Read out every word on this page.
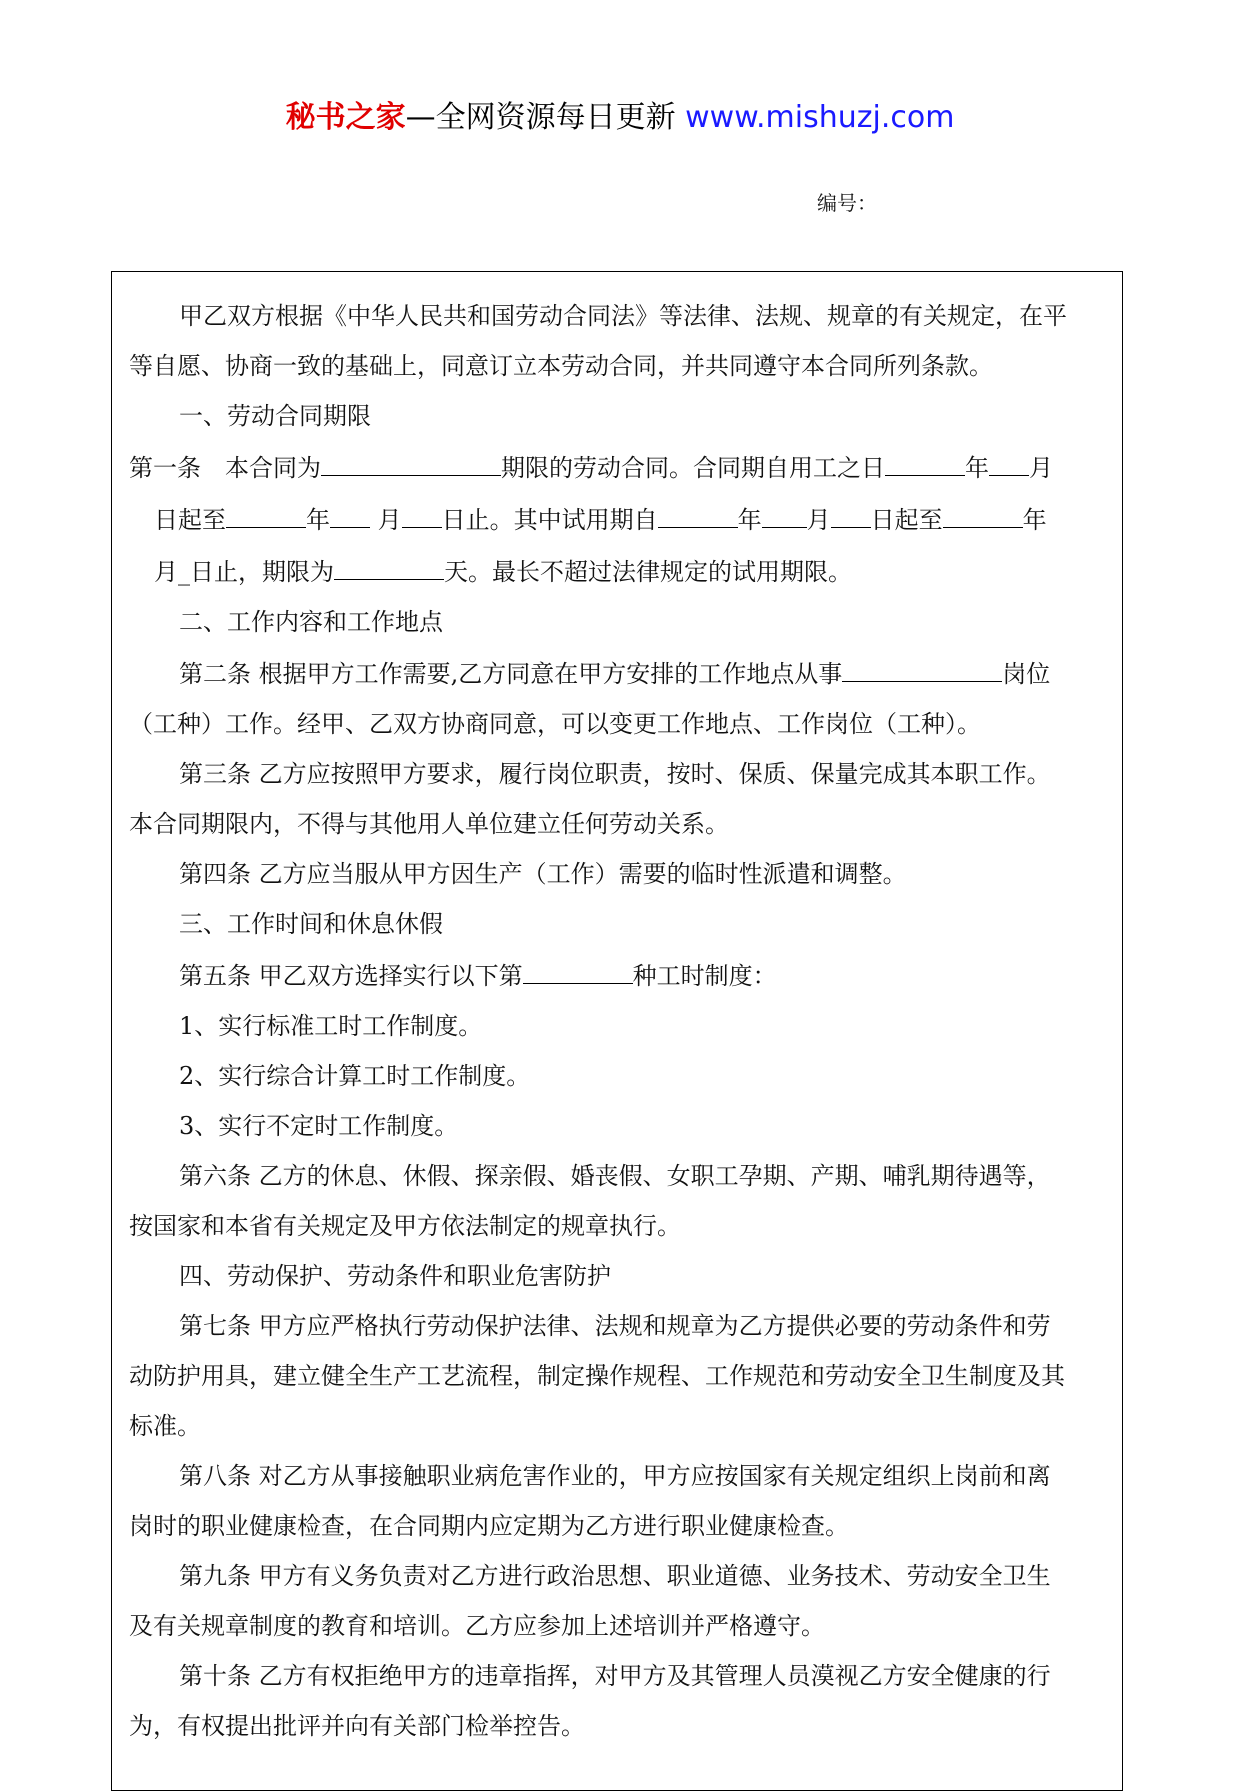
秘书之家—全网资源每日更新 www.mishuzj.com
编号：

甲乙双方根据《中华人民共和国劳动合同法》等法律、法规、规章的有关规定，在平

等自愿、协商一致的基础上，同意订立本劳动合同，并共同遵守本合同所列条款。

一、劳动合同期限

第一条　本合同为	期限的劳动合同。合同期自用工之日	年 月

日起至	年 月 日止。其中试用期自	年 月 日起至	年

月_日止，期限为	天。最长不超过法律规定的试用期限。

二、工作内容和工作地点

第二条 根据甲方工作需要,乙方同意在甲方安排的工作地点从事	岗位

（工种）工作。经甲、乙双方协商同意，可以变更工作地点、工作岗位（工种）。

第三条 乙方应按照甲方要求，履行岗位职责，按时、保质、保量完成其本职工作。

本合同期限内，不得与其他用人单位建立任何劳动关系。

第四条 乙方应当服从甲方因生产（工作）需要的临时性派遣和调整。

三、工作时间和休息休假

第五条 甲乙双方选择实行以下第	种工时制度：

1、实行标准工时工作制度。

2、实行综合计算工时工作制度。

3、实行不定时工作制度。

第六条 乙方的休息、休假、探亲假、婚丧假、女职工孕期、产期、哺乳期待遇等，

按国家和本省有关规定及甲方依法制定的规章执行。

四、劳动保护、劳动条件和职业危害防护

第七条 甲方应严格执行劳动保护法律、法规和规章为乙方提供必要的劳动条件和劳

动防护用具，建立健全生产工艺流程，制定操作规程、工作规范和劳动安全卫生制度及其

标准。

第八条 对乙方从事接触职业病危害作业的，甲方应按国家有关规定组织上岗前和离

岗时的职业健康检查，在合同期内应定期为乙方进行职业健康检查。

第九条 甲方有义务负责对乙方进行政治思想、职业道德、业务技术、劳动安全卫生

及有关规章制度的教育和培训。乙方应参加上述培训并严格遵守。

第十条 乙方有权拒绝甲方的违章指挥，对甲方及其管理人员漠视乙方安全健康的行

为，有权提出批评并向有关部门检举控告。
